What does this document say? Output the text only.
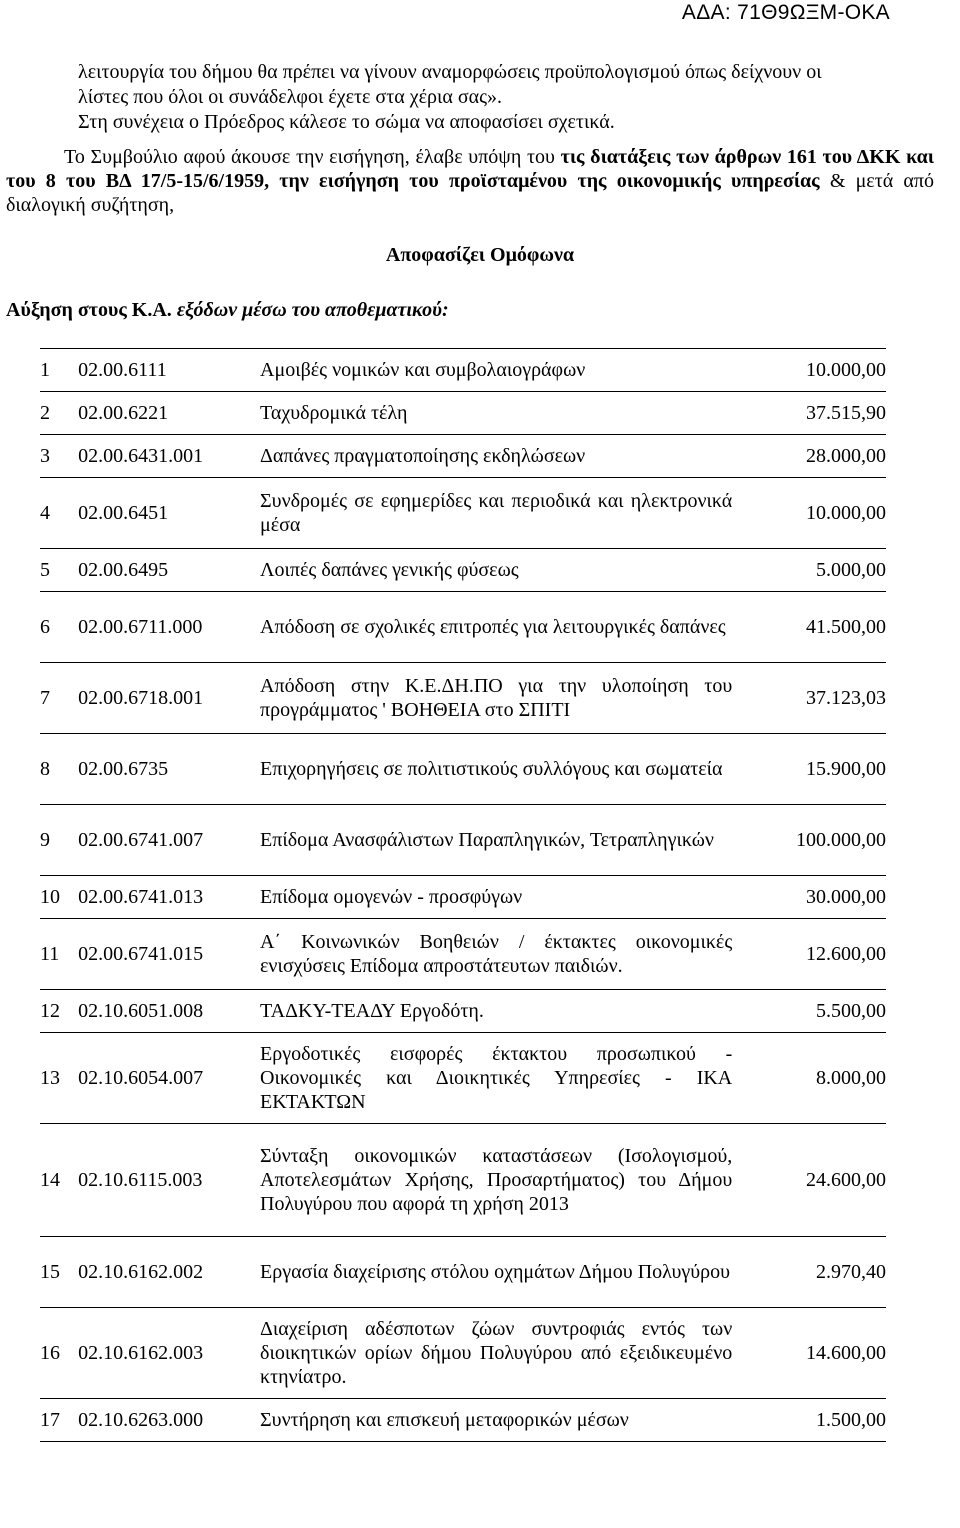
ΑΔΑ: 71Θ9ΩΞΜ-ΟΚΑ

λειτουργία του δήμου θα πρέπει να γίνουν αναμορφώσεις προϋπολογισμού όπως δείχνουν οι

λίστες που όλοι οι συνάδελφοι έχετε στα χέρια σας».

Στη συνέχεια ο Πρόεδρος κάλεσε το σώμα να αποφασίσει σχετικά.

Το Συμβούλιο αφού άκουσε την εισήγηση, έλαβε υπόψη του τις διατάξεις των άρθρων 161 του ΔΚΚ και του 8 του ΒΔ 17/5-15/6/1959, την εισήγηση του προϊσταμένου της οικονομικής υπηρεσίας & μετά από διαλογική συζήτηση,
Αποφασίζει Ομόφωνα
Αύξηση στους Κ.Α. εξόδων μέσω του αποθεματικού:
1	02.00.6111	Αμοιβές νομικών και συμβολαιογράφων	10.000,00
2	02.00.6221	Ταχυδρομικά τέλη	37.515,90
3	02.00.6431.001	Δαπάνες πραγματοποίησης εκδηλώσεων	28.000,00
4	02.00.6451	Συνδρομές σε εφημερίδες και περιοδικά και ηλεκτρονικά μέσα	10.000,00
5	02.00.6495	Λοιπές δαπάνες γενικής φύσεως	5.000,00
6	02.00.6711.000	Απόδοση σε σχολικές επιτροπές για λειτουργικές δαπάνες	41.500,00
7	02.00.6718.001	Απόδοση στην Κ.Ε.ΔΗ.ΠΟ για την υλοποίηση του προγράμματος ' ΒΟΗΘΕΙΑ στο ΣΠΙΤΙ	37.123,03
8	02.00.6735	Επιχορηγήσεις σε πολιτιστικούς συλλόγους και σωματεία	15.900,00
9	02.00.6741.007	Επίδομα Ανασφάλιστων Παραπληγικών, Τετραπληγικών	100.000,00
10	02.00.6741.013	Επίδομα ομογενών - προσφύγων	30.000,00
11	02.00.6741.015	Α΄ Κοινωνικών Βοηθειών / έκτακτες οικονομικές ενισχύσεις Επίδομα απροστάτευτων παιδιών.	12.600,00
12	02.10.6051.008	ΤΑΔΚΥ-ΤΕΑΔΥ Εργοδότη.	5.500,00
13	02.10.6054.007	Εργοδοτικές εισφορές έκτακτου προσωπικού - Οικονομικές και Διοικητικές Υπηρεσίες - ΙΚΑ ΕΚΤΑΚΤΩΝ	8.000,00
14	02.10.6115.003	Σύνταξη οικονομικών καταστάσεων (Ισολογισμού, Αποτελεσμάτων Χρήσης, Προσαρτήματος) του Δήμου Πολυγύρου που αφορά τη χρήση 2013	24.600,00
15	02.10.6162.002	Εργασία διαχείρισης στόλου οχημάτων Δήμου Πολυγύρου	2.970,40
16	02.10.6162.003	Διαχείριση αδέσποτων ζώων συντροφιάς εντός των διοικητικών ορίων δήμου Πολυγύρου από εξειδικευμένο κτηνίατρο.	14.600,00
17	02.10.6263.000	Συντήρηση και επισκευή μεταφορικών μέσων	1.500,00
